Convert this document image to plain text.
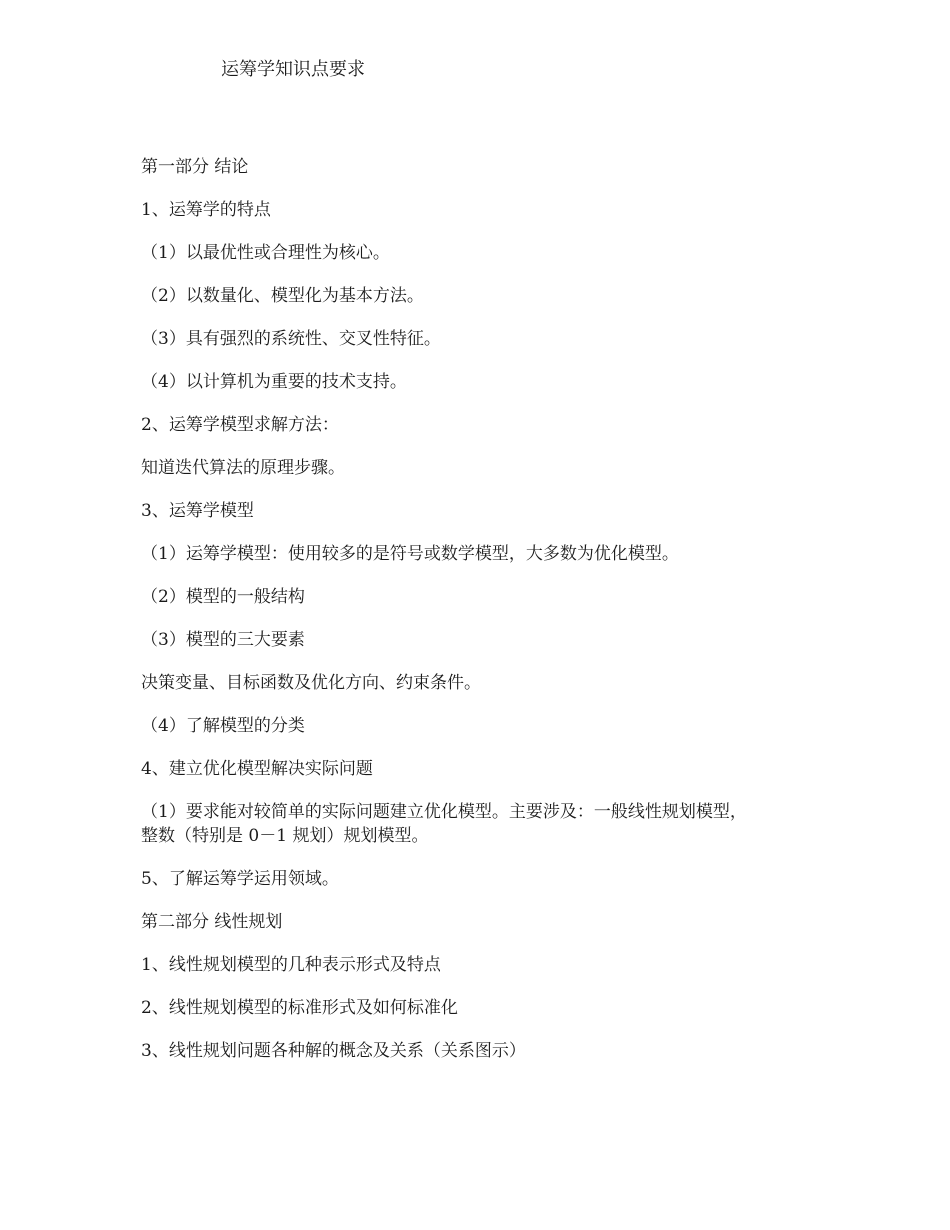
运筹学知识点要求
第一部分 结论
1、运筹学的特点
（1）以最优性或合理性为核心。
（2）以数量化、模型化为基本方法。
（3）具有强烈的系统性、交叉性特征。
（4）以计算机为重要的技术支持。
2、运筹学模型求解方法：
知道迭代算法的原理步骤。
3、运筹学模型
（1）运筹学模型：使用较多的是符号或数学模型，大多数为优化模型。
（2）模型的一般结构
（3）模型的三大要素
决策变量、目标函数及优化方向、约束条件。
（4）了解模型的分类
4、建立优化模型解决实际问题
（1）要求能对较简单的实际问题建立优化模型。主要涉及：一般线性规划模型，
整数（特别是 0－1 规划）规划模型。
5、了解运筹学运用领域。
第二部分 线性规划
1、线性规划模型的几种表示形式及特点
2、线性规划模型的标准形式及如何标准化
3、线性规划问题各种解的概念及关系（关系图示）
